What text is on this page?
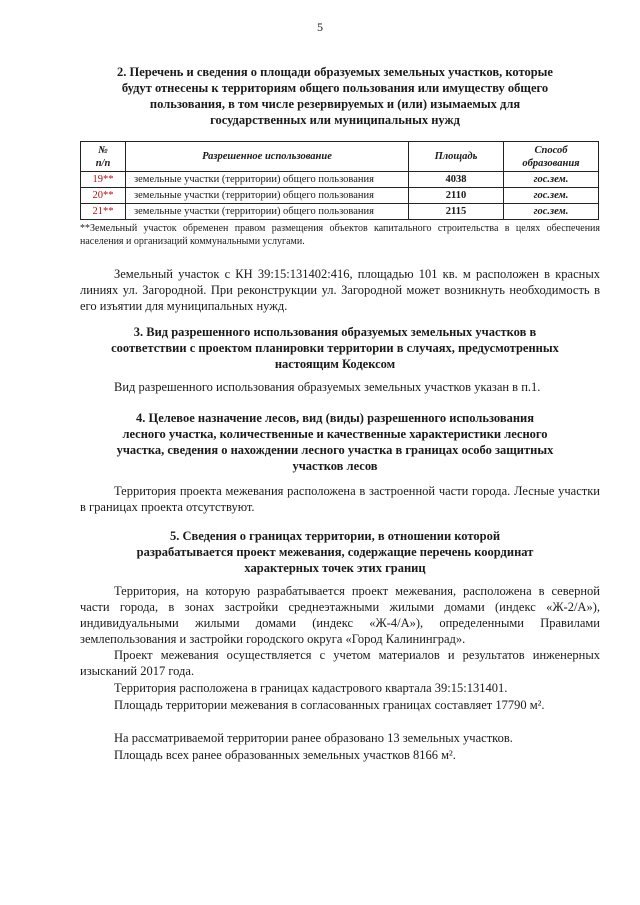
5
2. Перечень и сведения о площади образуемых земельных участков, которые
будут отнесены к территориям общего пользования или имуществу общего
пользования, в том числе резервируемых и (или) изымаемых для
государственных или муниципальных нужд
№
п/п	Разрешенное использование	Площадь	Способ
образования
19**	земельные участки (территории) общего пользования	4038	гос.зем.
20**	земельные участки (территории) общего пользования	2110	гос.зем.
21**	земельные участки (территории) общего пользования	2115	гос.зем.
**Земельный участок обременен правом размещения объектов капитального строительства в целях обеспечения населения и организаций коммунальными услугами.
Земельный участок с КН 39:15:131402:416, площадью 101 кв. м расположен в красных линиях ул. Загородной. При реконструкции ул. Загородной может возникнуть необходимость в его изъятии для муниципальных нужд.
3. Вид разрешенного использования образуемых земельных участков в
соответствии с проектом планировки территории в случаях, предусмотренных
настоящим Кодексом
Вид разрешенного использования образуемых земельных участков указан в п.1.
4. Целевое назначение лесов, вид (виды) разрешенного использования
лесного участка, количественные и качественные характеристики лесного
участка, сведения о нахождении лесного участка в границах особо защитных
участков лесов
Территория проекта межевания расположена в застроенной части города. Лесные участки в границах проекта отсутствуют.
5. Сведения о границах территории, в отношении которой
разрабатывается проект межевания, содержащие перечень координат
характерных точек этих границ
Территория, на которую разрабатывается проект межевания, расположена в северной части города, в зонах застройки среднеэтажными жилыми домами (индекс «Ж-2/А»), индивидуальными жилыми домами (индекс «Ж-4/А»), определенными Правилами землепользования и застройки городского округа «Город Калининград».
Проект межевания осуществляется с учетом материалов и результатов инженерных изысканий 2017 года.
Территория расположена в границах кадастрового квартала 39:15:131401.
Площадь территории межевания в согласованных границах составляет 17790 м².
На рассматриваемой территории ранее образовано 13 земельных участков.
Площадь всех ранее образованных земельных участков 8166 м².
